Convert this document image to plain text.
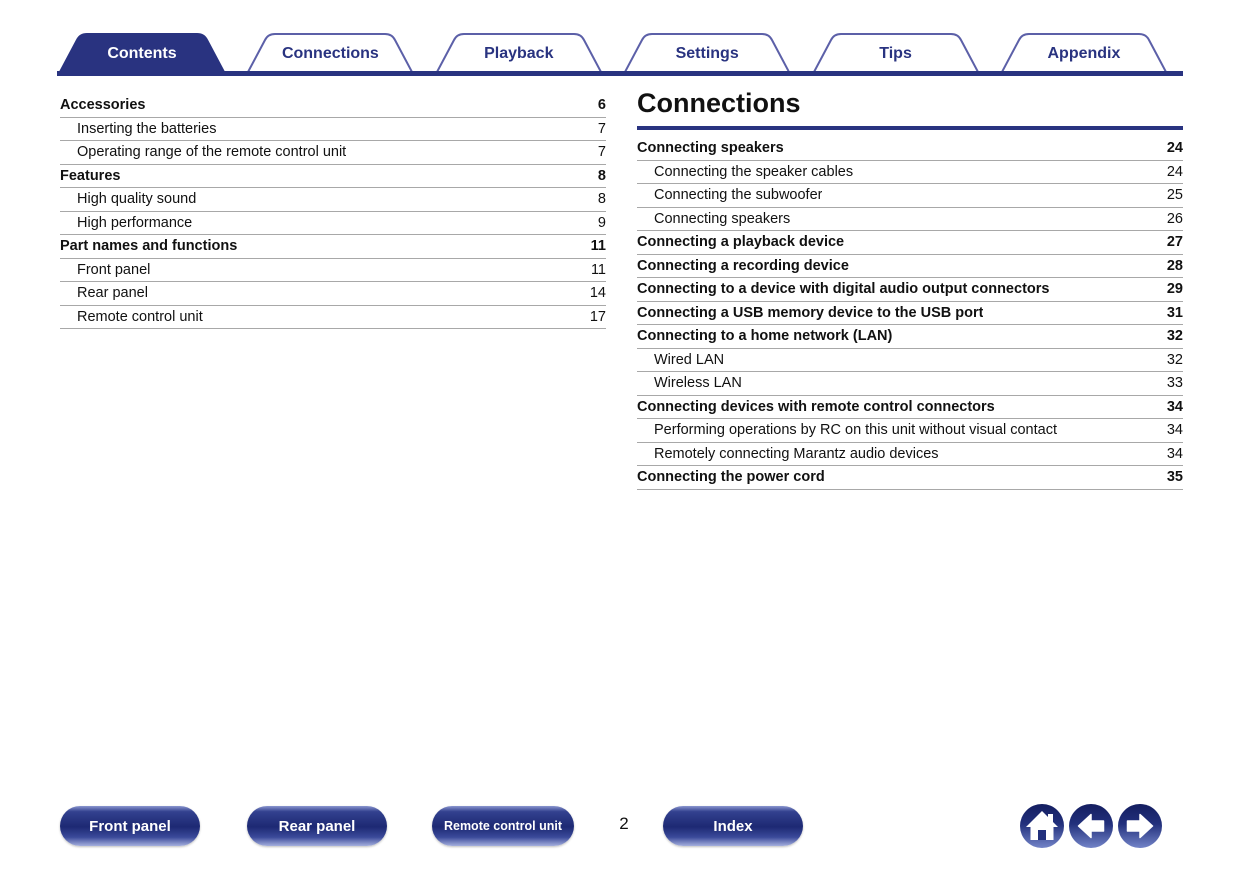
Contents	Connections	Playback	Settings	Tips	Appendix
Accessories	6
Inserting the batteries	7
Operating range of the remote control unit	7
Features	8
High quality sound	8
High performance	9
Part names and functions	11
Front panel	11
Rear panel	14
Remote control unit	17
Connections
Connecting speakers	24
Connecting the speaker cables	24
Connecting the subwoofer	25
Connecting speakers	26
Connecting a playback device	27
Connecting a recording device	28
Connecting to a device with digital audio output connectors	29
Connecting a USB memory device to the USB port	31
Connecting to a home network (LAN)	32
Wired LAN	32
Wireless LAN	33
Connecting devices with remote control connectors	34
Performing operations by RC on this unit without visual contact	34
Remotely connecting Marantz audio devices	34
Connecting the power cord	35
Front panel	Rear panel	Remote control unit	2	Index
